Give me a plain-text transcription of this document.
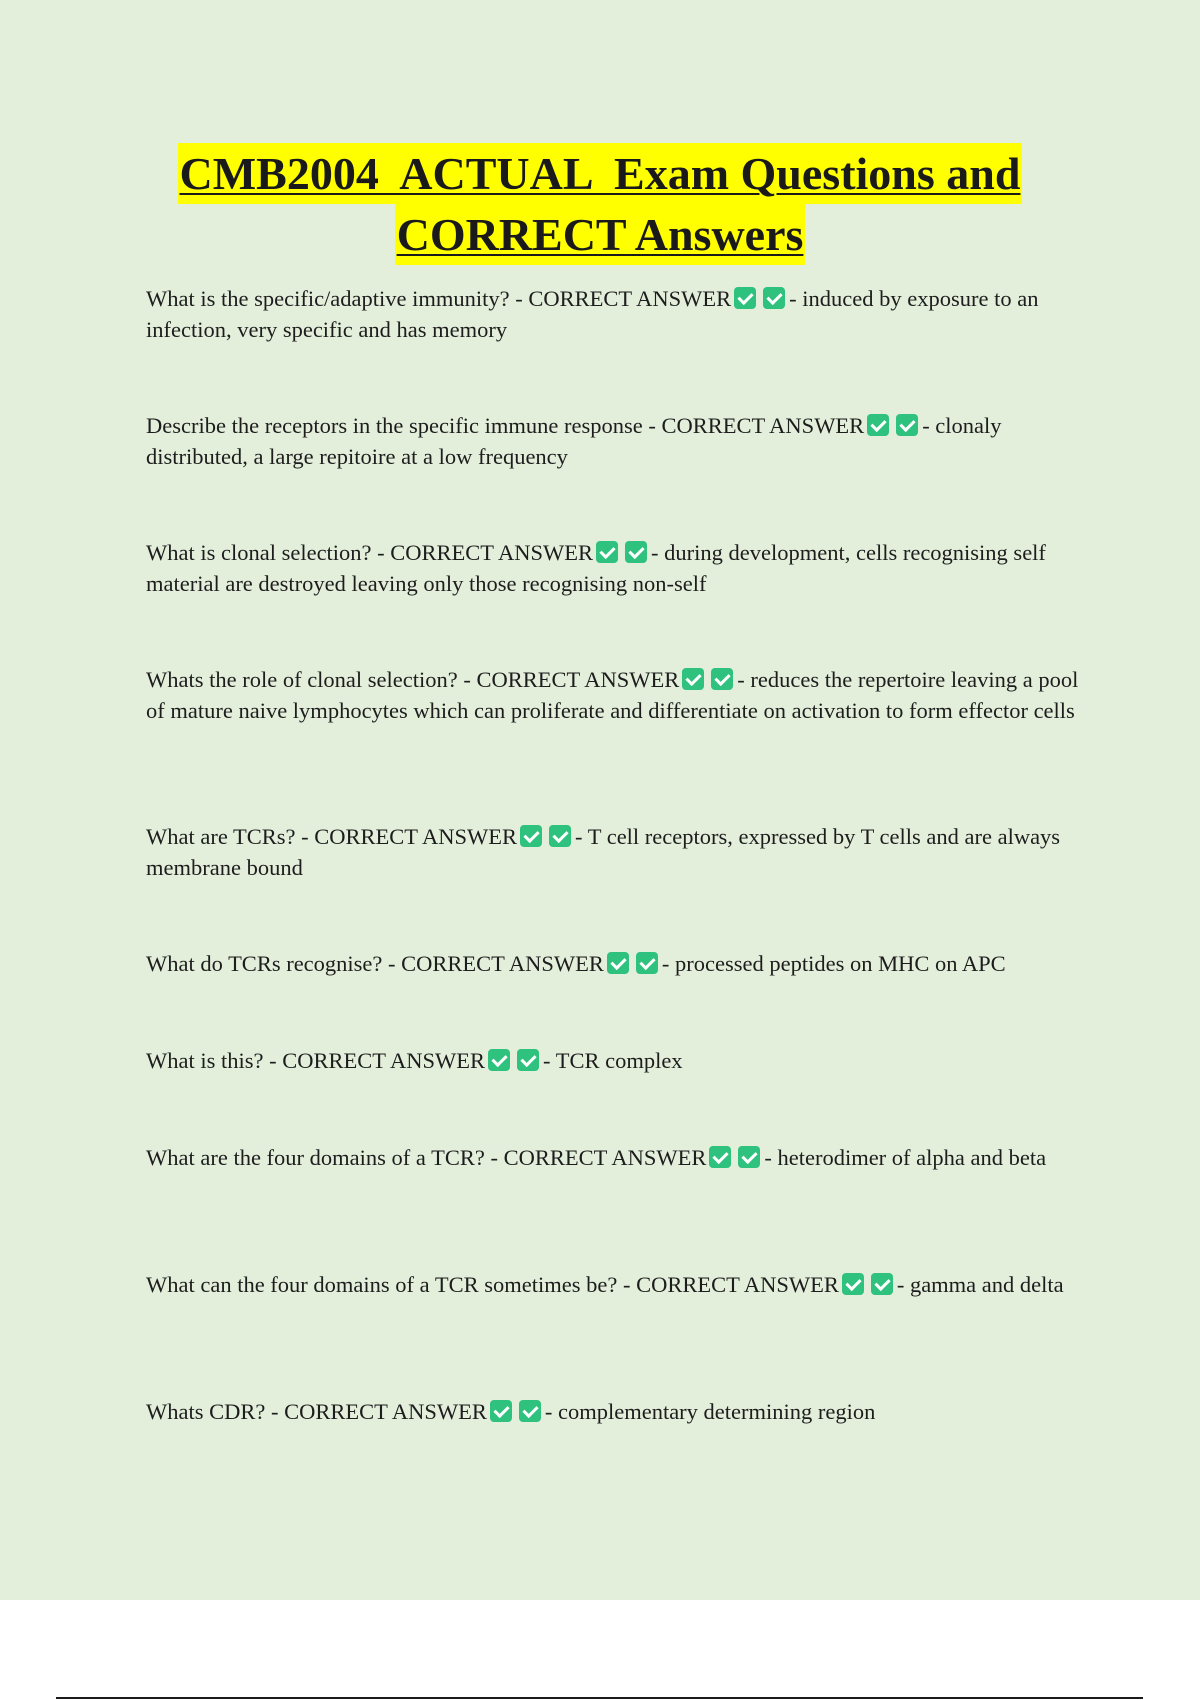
CMB2004  ACTUAL  Exam Questions and
CORRECT Answers
What is the specific/adaptive immunity? - CORRECT ANSWER	- induced by exposure to an infection, very specific and has memory
Describe the receptors in the specific immune response - CORRECT ANSWER	- clonaly distributed, a large repitoire at a low frequency
What is clonal selection? - CORRECT ANSWER	- during development, cells recognising self material are destroyed leaving only those recognising non-self
Whats the role of clonal selection? - CORRECT ANSWER	- reduces the repertoire leaving a pool of mature naive lymphocytes which can proliferate and differentiate on activation to form effector cells
What are TCRs? - CORRECT ANSWER	- T cell receptors, expressed by T cells and are always membrane bound
What do TCRs recognise? - CORRECT ANSWER	- processed peptides on MHC on APC
What is this? - CORRECT ANSWER	- TCR complex
What are the four domains of a TCR? - CORRECT ANSWER	- heterodimer of alpha and beta
What can the four domains of a TCR sometimes be? - CORRECT ANSWER	- gamma and delta
Whats CDR? - CORRECT ANSWER	- complementary determining region
